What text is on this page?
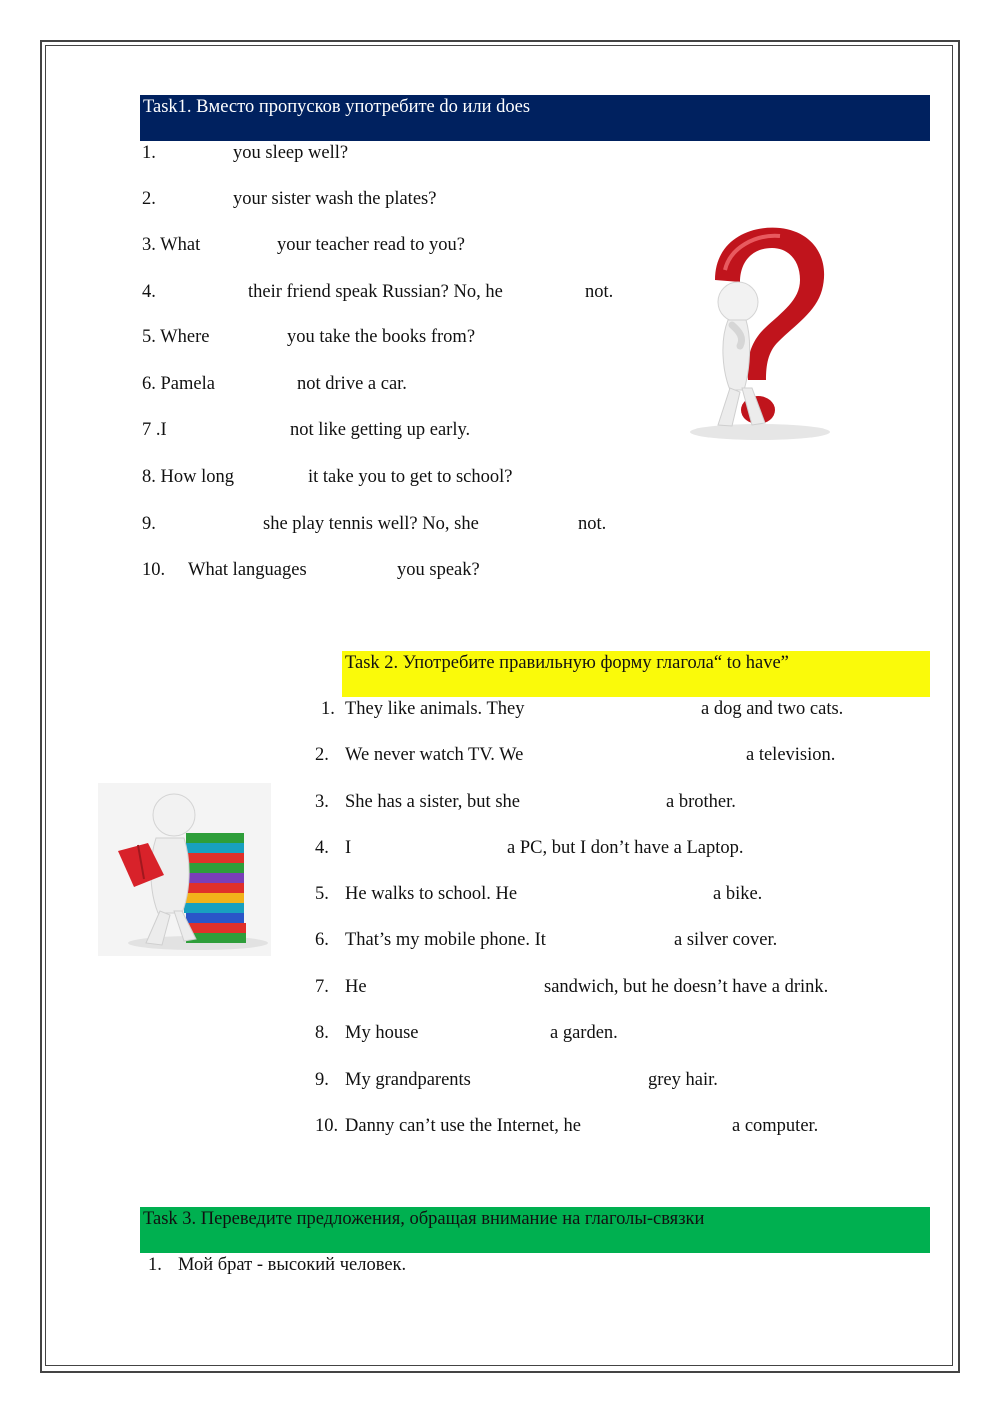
Task1. Вместо пропусков употребите do или does
1.	you sleep well?
2.	your sister wash the plates?
3. What	your teacher read to you?
4.	their friend speak Russian? No, he	not.
5. Where	you take the books from?
6. Pamela	not drive a car.
7 .I	not like getting up early.
8. How long	it take you to get to school?
9.	she play tennis well? No, she	not.
10. What languages	you speak?
Task 2. Употребите правильную форму глагола“ to have”
1. They like animals. They	a dog and two cats.
2. We never watch TV. We	a television.
3. She has a sister, but she	a brother.
4. I	a PC, but I don’t have a Laptop.
5. He walks to school. He	a bike.
6. That’s my mobile phone. It	a silver cover.
7. He	sandwich, but he doesn’t have a drink.
8. My house	a garden.
9. My grandparents	grey hair.
10. Danny can’t use the Internet, he	a computer.
Task 3. Переведите предложения, обращая внимание на глаголы-связки
1. Мой брат - высокий человек.
